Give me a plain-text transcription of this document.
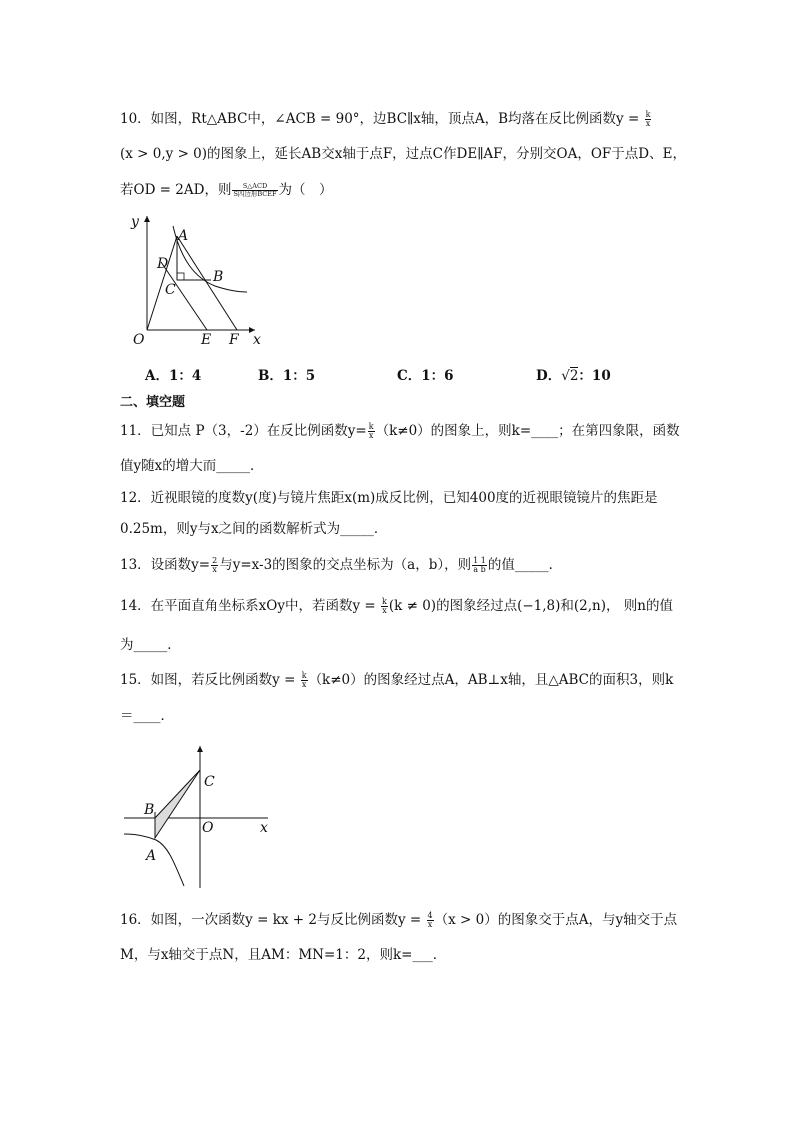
10．如图，Rt△ABC中，∠ACB = 90°，边BC∥x轴，顶点A，B均落在反比例函数$y = \frac{k}{x}$
(x > 0,y > 0)的图象上，延长AB交x轴于点F，过点C作DE∥AF，分别交OA，OF于点D、E，
若OD = 2AD，则 $\frac{\text{S△ACD}}{\text{S四边形BCEF}}$ 为（　）
y
A
D
B
C
O	E F x
A．1：4	B．1：5	C．1：6	D．√2：10
二、填空题
11．已知点 P（3，-2）在反比例函数$y= \frac{k}{x} (k\ne 0)$的图象上，则k=____；在第四象限，函数
值y随x的增大而_____．
12．近视眼镜的度数y(度)与镜片焦距x(m)成反比例，已知400度的近视眼镜镜片的焦距是
0.25m，则y与x之间的函数解析式为_____．
13．设函数$y= \frac{2}{x}$ 与y=x-3的图象的交点坐标为（a，b），则 $\frac{1 1}{\text{a b}}$ 的值_____．
14．在平面直角坐标系xOy中，若函数$y = \frac{k}{x} (k \ne 0)$的图象经过点(−1,8)和(2,n)， 则n的值
为_____．
15．如图，若反比例函数$y = \frac{k}{x} (k\ne 0)$的图象经过点A，AB⊥x轴，且△ABC的面积3，则k
＝____．
C
B
O	x
A
16．如图，一次函数y = kx + 2与反比例函数$y = \frac{4}{x} (x > 0)$的图象交于点A，与y轴交于点
M，与x轴交于点N，且AM：MN=1：2，则k=___．
